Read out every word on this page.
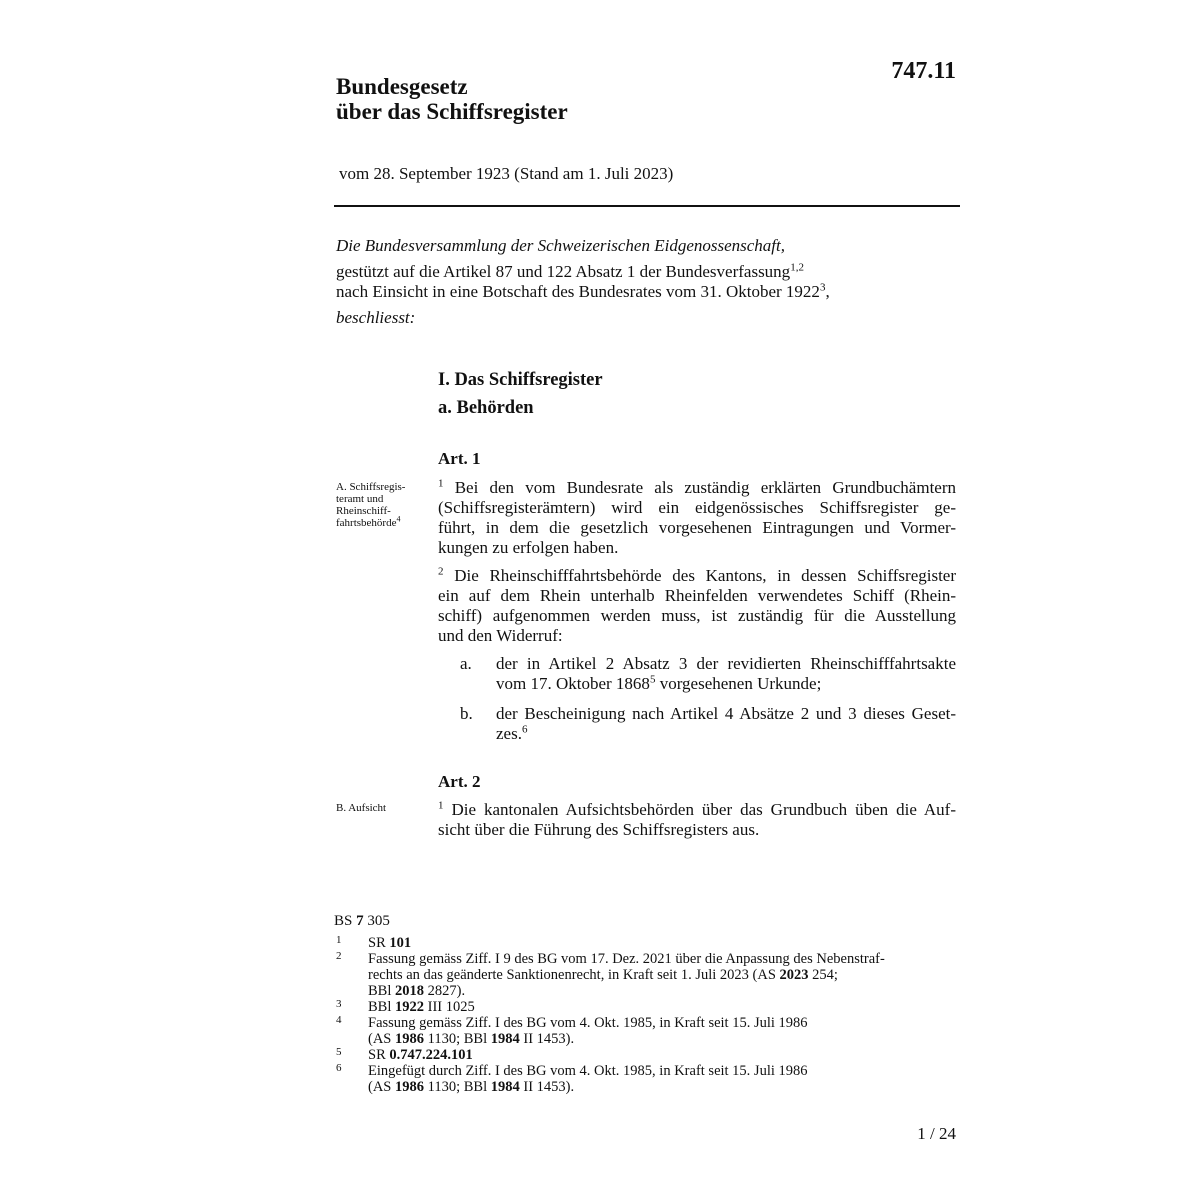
747.11
Bundesgesetz
über das Schiffsregister
vom 28. September 1923 (Stand am 1. Juli 2023)

Die Bundesversammlung der Schweizerischen Eidgenossenschaft,

gestützt auf die Artikel 87 und 122 Absatz 1 der Bundesverfassung$^{1,2}$

nach Einsicht in eine Botschaft des Bundesrates vom 31. Oktober 1922$^3$,

beschliesst:

I. Das Schiffsregister
a. Behörden
Art. 1
A. Schiffsregis-
teramt und
Rheinschiff-
fahrtsbehörde$^4$
$^1$ Bei den vom Bundesrate als zuständig erklärten Grundbuchämtern
(Schiffsregisterämtern) wird ein eidgenössisches Schiffsregister ge-
führt, in dem die gesetzlich vorgesehenen Eintragungen und Vormer-
kungen zu erfolgen haben.
$^2$ Die Rheinschifffahrtsbehörde des Kantons, in dessen Schiffsregister
ein auf dem Rhein unterhalb Rheinfelden verwendetes Schiff (Rhein-
schiff) aufgenommen werden muss, ist zuständig für die Ausstellung
und den Widerruf:
a. der in Artikel 2 Absatz 3 der revidierten Rheinschifffahrtsakte
vom 17. Oktober 1868$^5$ vorgesehenen Urkunde;
b. der Bescheinigung nach Artikel 4 Absätze 2 und 3 dieses Geset-
zes.$^6$
Art. 2
B. Aufsicht	$^1$ Die kantonalen Aufsichtsbehörden über das Grundbuch üben die Auf-
sicht über die Führung des Schiffsregisters aus.
BS 7 305
1 SR 101
2 Fassung gemäss Ziff. I 9 des BG vom 17. Dez. 2021 über die Anpassung des Nebenstraf-
rechts an das geänderte Sanktionenrecht, in Kraft seit 1. Juli 2023 (AS 2023 254;
BBl 2018 2827).
3 BBl 1922 III 1025
4 Fassung gemäss Ziff. I des BG vom 4. Okt. 1985, in Kraft seit 15. Juli 1986
(AS 1986 1130; BBl 1984 II 1453).
5 SR 0.747.224.101
6 Eingefügt durch Ziff. I des BG vom 4. Okt. 1985, in Kraft seit 15. Juli 1986
(AS 1986 1130; BBl 1984 II 1453).
1 / 24
